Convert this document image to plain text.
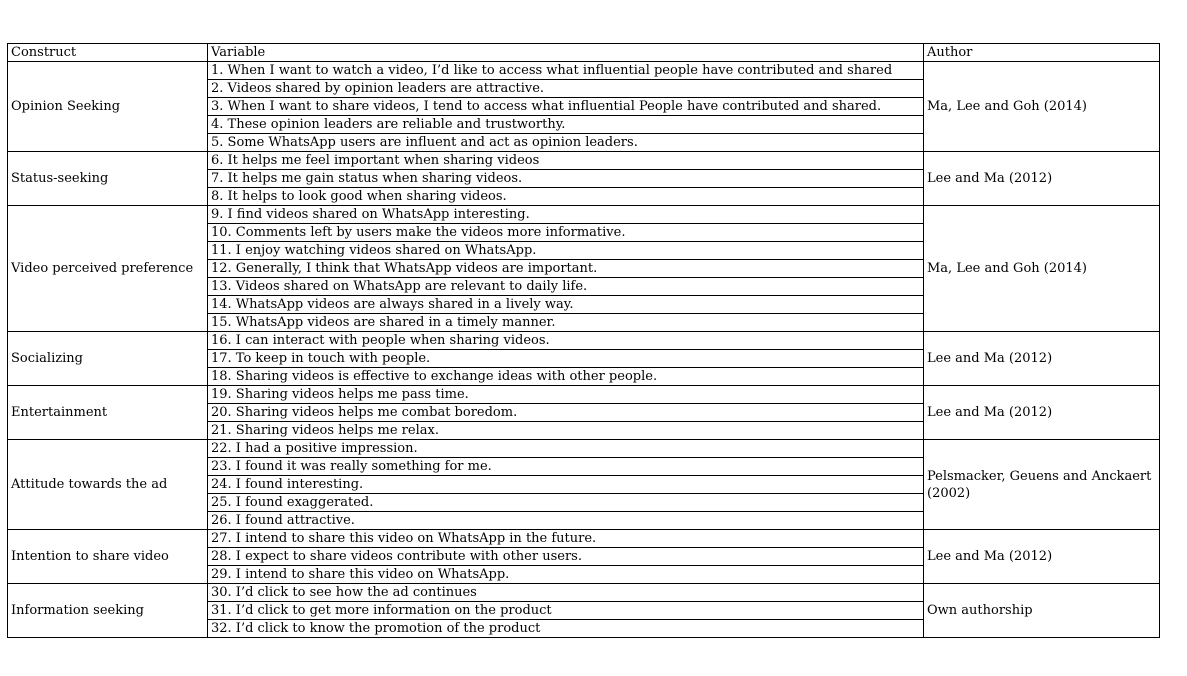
Construct	Variable	Author
Opinion Seeking	1. When I want to watch a video, I’d like to access what influential people have contributed and shared	Ma, Lee and Goh (2014)
	2. Videos shared by opinion leaders are attractive.	
	3. When I want to share videos, I tend to access what influential People have contributed and shared.	
	4. These opinion leaders are reliable and trustworthy.	
	5. Some WhatsApp users are influent and act as opinion leaders.	
Status-seeking	6. It helps me feel important when sharing videos	Lee and Ma (2012)
	7. It helps me gain status when sharing videos.	
	8. It helps to look good when sharing videos.	
Video perceived preference	9. I find videos shared on WhatsApp interesting.	Ma, Lee and Goh (2014)
	10. Comments left by users make the videos more informative.	
	11. I enjoy watching videos shared on WhatsApp.	
	12. Generally, I think that WhatsApp videos are important.	
	13. Videos shared on WhatsApp are relevant to daily life.	
	14. WhatsApp videos are always shared in a lively way.	
	15. WhatsApp videos are shared in a timely manner.	
Socializing	16. I can interact with people when sharing videos.	Lee and Ma (2012)
	17. To keep in touch with people.	
	18. Sharing videos is effective to exchange ideas with other people.	
Entertainment	19. Sharing videos helps me pass time.	Lee and Ma (2012)
	20. Sharing videos helps me combat boredom.	
	21. Sharing videos helps me relax.	
Attitude towards the ad	22. I had a positive impression.	Pelsmacker, Geuens and Anckaert (2002)
	23. I found it was really something for me.	
	24. I found interesting.	
	25. I found exaggerated.	
	26. I found attractive.	
Intention to share video	27. I intend to share this video on WhatsApp in the future.	Lee and Ma (2012)
	28. I expect to share videos contribute with other users.	
	29. I intend to share this video on WhatsApp.	
Information seeking	30. I’d click to see how the ad continues	Own authorship
	31. I’d click to get more information on the product	
	32. I’d click to know the promotion of the product	
